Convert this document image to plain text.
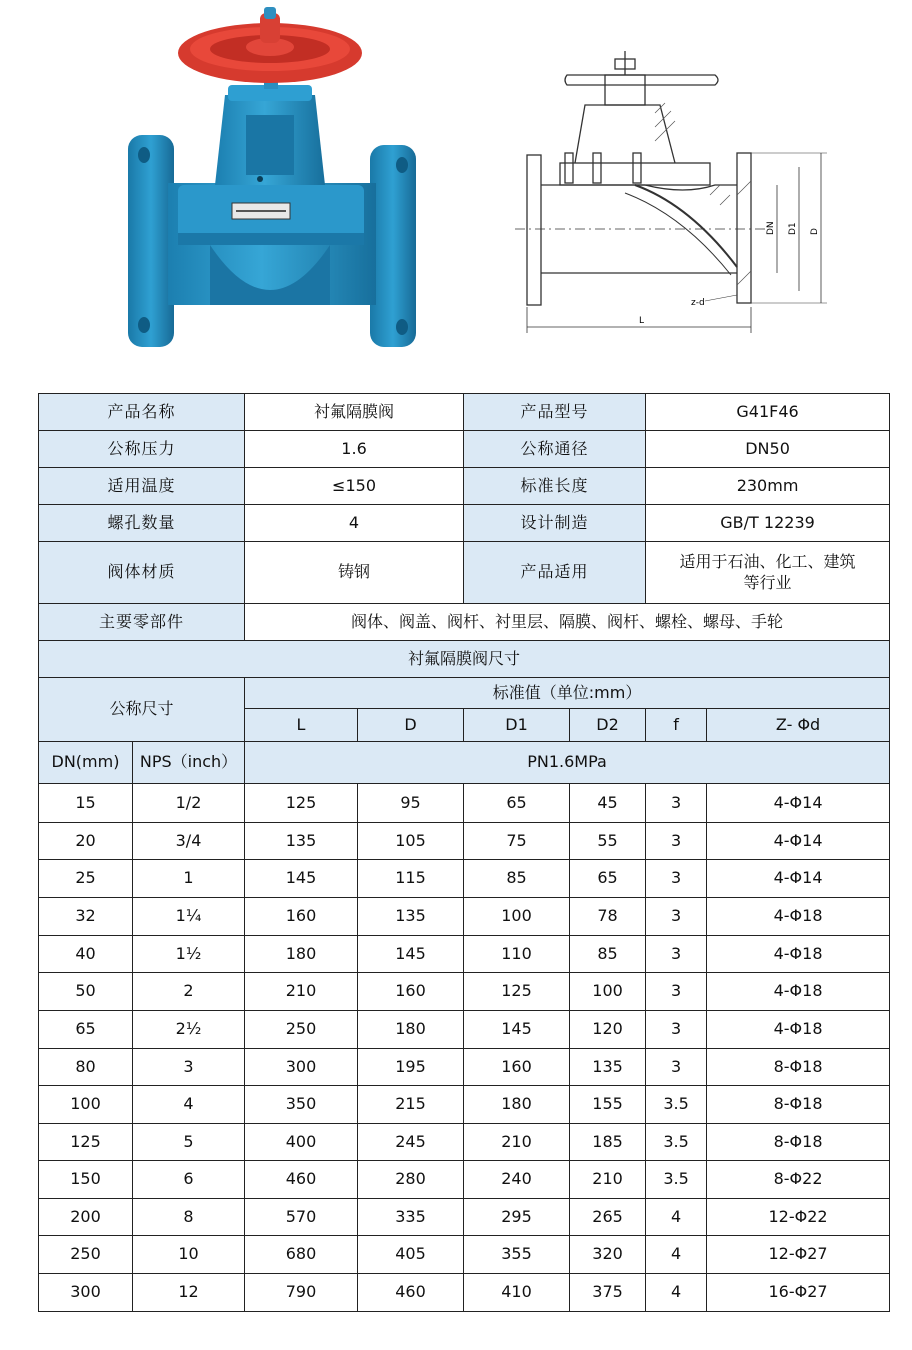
DN D1 D
L
z-d
产品名称		衬氟隔膜阀		产品型号		G41F46	
公称压力		1.6		公称通径		DN50	
适用温度		≤150		标准长度		230mm	
螺孔数量		4		设计制造		GB/T 12239	
阀体材质		铸钢		产品适用		适用于石油、化工、建筑
等行业	

主要零部件		阀体、阀盖、阀杆、衬里层、隔膜、阀杆、螺栓、螺母、手轮					
衬氟隔膜阀尺寸							
公称尺寸		标准值（单位:mm）					
		L	D	D1	D2	f	Z- Φd
DN(mm)	NPS（inch）	PN1.6MPa					
15	1/2	125	95	65	45	3	4-Φ14
20	3/4	135	105	75	55	3	4-Φ14
25	1	145	115	85	65	3	4-Φ14
32	1¼	160	135	100	78	3	4-Φ18
40	1½	180	145	110	85	3	4-Φ18
50	2	210	160	125	100	3	4-Φ18
65	2½	250	180	145	120	3	4-Φ18
80	3	300	195	160	135	3	8-Φ18
100	4	350	215	180	155	3.5	8-Φ18
125	5	400	245	210	185	3.5	8-Φ18
150	6	460	280	240	210	3.5	8-Φ22
200	8	570	335	295	265	4	12-Φ22
250	10	680	405	355	320	4	12-Φ27
300	12	790	460	410	375	4	16-Φ27
